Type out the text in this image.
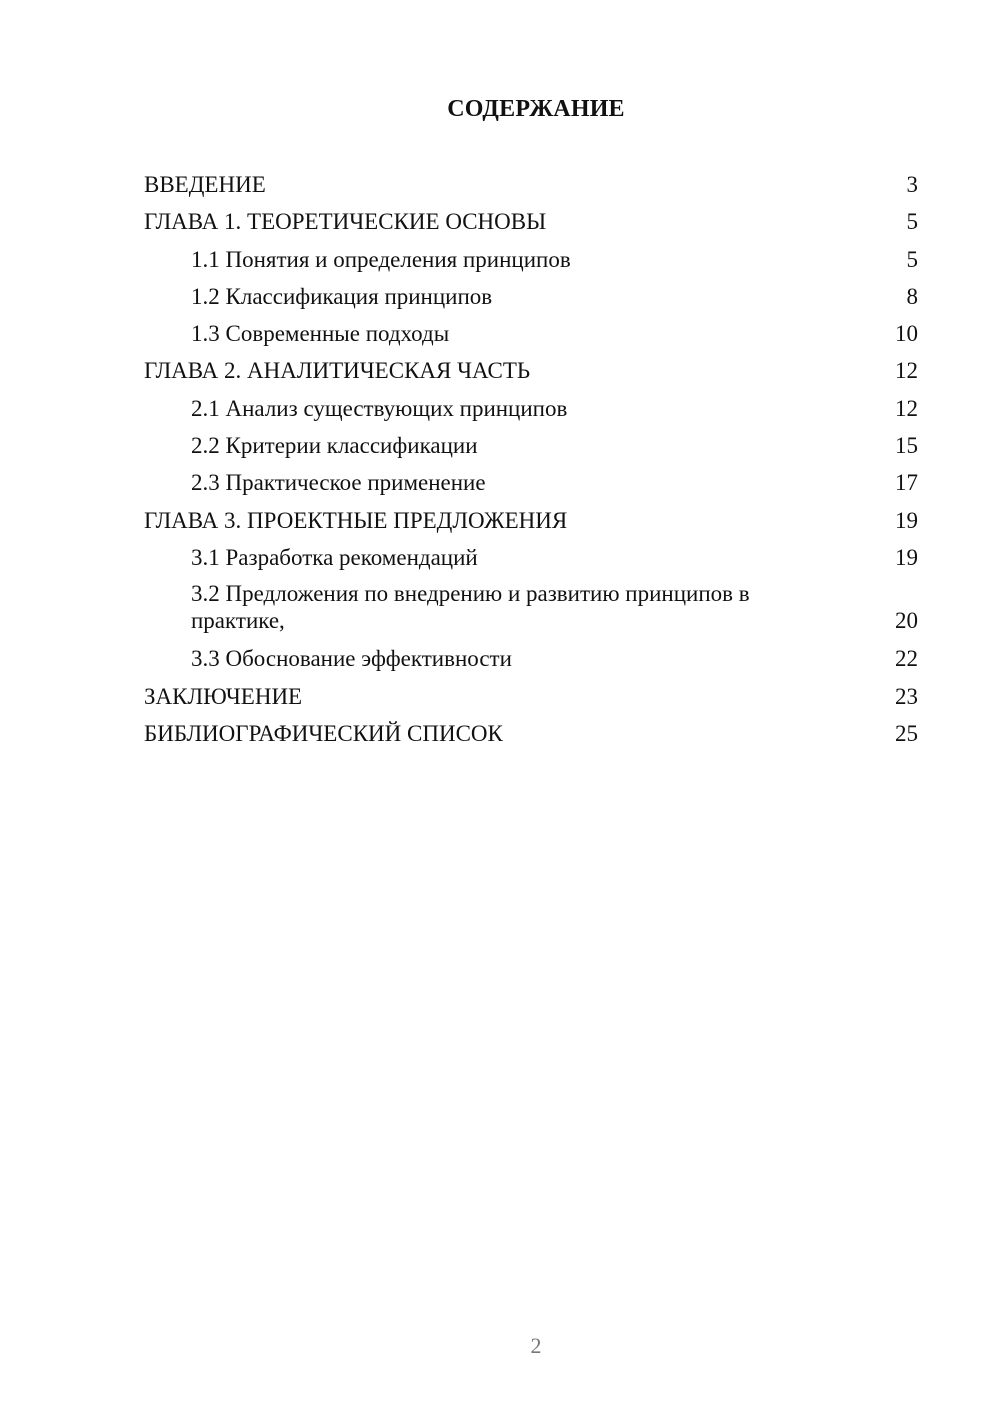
СОДЕРЖАНИЕ
ВВЕДЕНИЕ	3
ГЛАВА 1. ТЕОРЕТИЧЕСКИЕ ОСНОВЫ	5
1.1 Понятия и определения принципов	5
1.2 Классификация принципов	8
1.3 Современные подходы	10
ГЛАВА 2. АНАЛИТИЧЕСКАЯ ЧАСТЬ	12
2.1 Анализ существующих принципов	12
2.2 Критерии классификации	15
2.3 Практическое применение	17
ГЛАВА 3. ПРОЕКТНЫЕ ПРЕДЛОЖЕНИЯ	19
3.1 Разработка рекомендаций	19
3.2 Предложения по внедрению и развитию принципов в практике,	20
3.3 Обоснование эффективности	22
ЗАКЛЮЧЕНИЕ	23
БИБЛИОГРАФИЧЕСКИЙ СПИСОК	25
2
